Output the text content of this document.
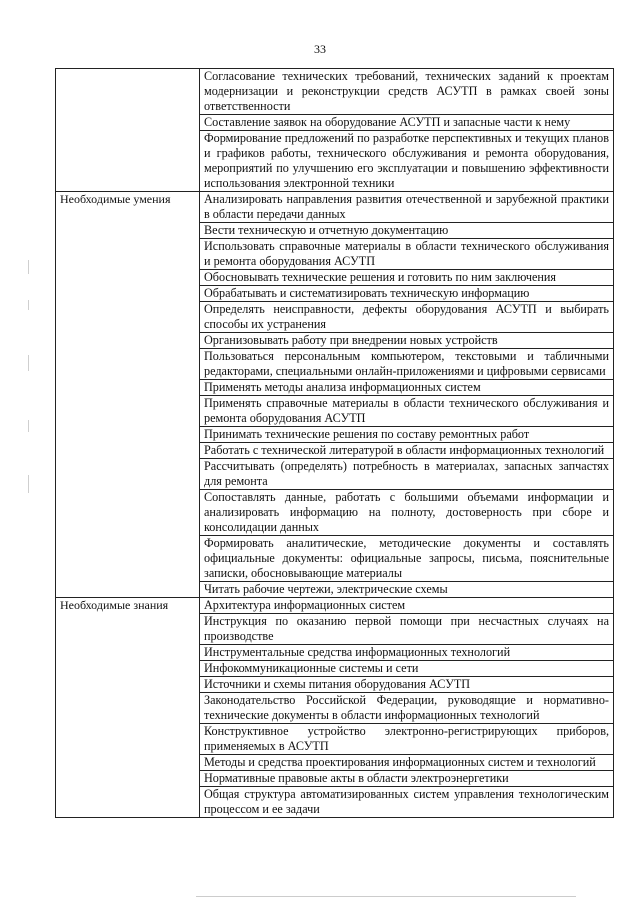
33

	Согласование технических требований, технических заданий к проектам модернизации и реконструкции средств АСУТП в рамках своей зоны ответственности

	Составление заявок на оборудование АСУТП и запасные части к нему

	Формирование предложений по разработке перспективных и текущих планов и графиков работы, технического обслуживания и ремонта оборудования, мероприятий по улучшению его эксплуатации и повышению эффективности использования электронной техники

Необходимые умения	Анализировать направления развития отечественной и зарубежной практики в области передачи данных

	Вести техническую и отчетную документацию

	Использовать справочные материалы в области технического обслуживания и ремонта оборудования АСУТП

	Обосновывать технические решения и готовить по ним заключения

	Обрабатывать и систематизировать техническую информацию

	Определять неисправности, дефекты оборудования АСУТП и выбирать способы их устранения

	Организовывать работу при внедрении новых устройств

	Пользоваться персональным компьютером, текстовыми и табличными редакторами, специальными онлайн-приложениями и цифровыми сервисами

	Применять методы анализа информационных систем

	Применять справочные материалы в области технического обслуживания и ремонта оборудования АСУТП

	Принимать технические решения по составу ремонтных работ

	Работать с технической литературой в области информационных технологий

	Рассчитывать (определять) потребность в материалах, запасных запчастях для ремонта

	Сопоставлять данные, работать с большими объемами информации и анализировать информацию на полноту, достоверность при сборе и консолидации данных

	Формировать аналитические, методические документы и составлять официальные документы: официальные запросы, письма, пояснительные записки, обосновывающие материалы

	Читать рабочие чертежи, электрические схемы

Необходимые знания	Архитектура информационных систем

	Инструкция по оказанию первой помощи при несчастных случаях на производстве

	Инструментальные средства информационных технологий

	Инфокоммуникационные системы и сети

	Источники и схемы питания оборудования АСУТП

	Законодательство Российской Федерации, руководящие и нормативно-технические документы в области информационных технологий

	Конструктивное устройство электронно-регистрирующих приборов, применяемых в АСУТП

	Методы и средства проектирования информационных систем и технологий

	Нормативные правовые акты в области электроэнергетики

	Общая структура автоматизированных систем управления технологическим процессом и ее задачи
